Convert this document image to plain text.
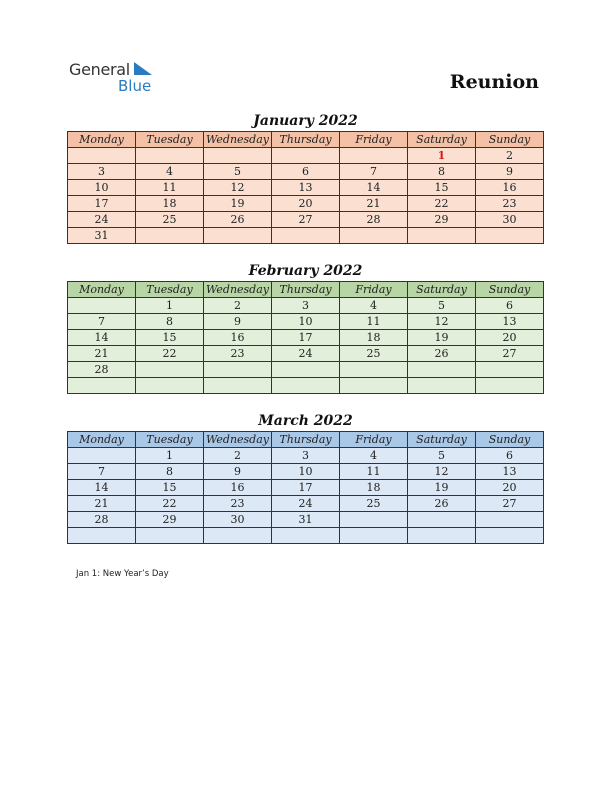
General
Blue	Reunion
January 2022
Monday	Tuesday	Wednesday	Thursday	Friday	Saturday	Sunday
					1	2
3	4	5	6	7	8	9
10	11	12	13	14	15	16
17	18	19	20	21	22	23
24	25	26	27	28	29	30
31						
February 2022
Monday	Tuesday	Wednesday	Thursday	Friday	Saturday	Sunday
	1	2	3	4	5	6
7	8	9	10	11	12	13
14	15	16	17	18	19	20
21	22	23	24	25	26	27
28						

March 2022
Monday	Tuesday	Wednesday	Thursday	Friday	Saturday	Sunday
	1	2	3	4	5	6
7	8	9	10	11	12	13
14	15	16	17	18	19	20
21	22	23	24	25	26	27
28	29	30	31			

Jan 1: New Year’s Day
